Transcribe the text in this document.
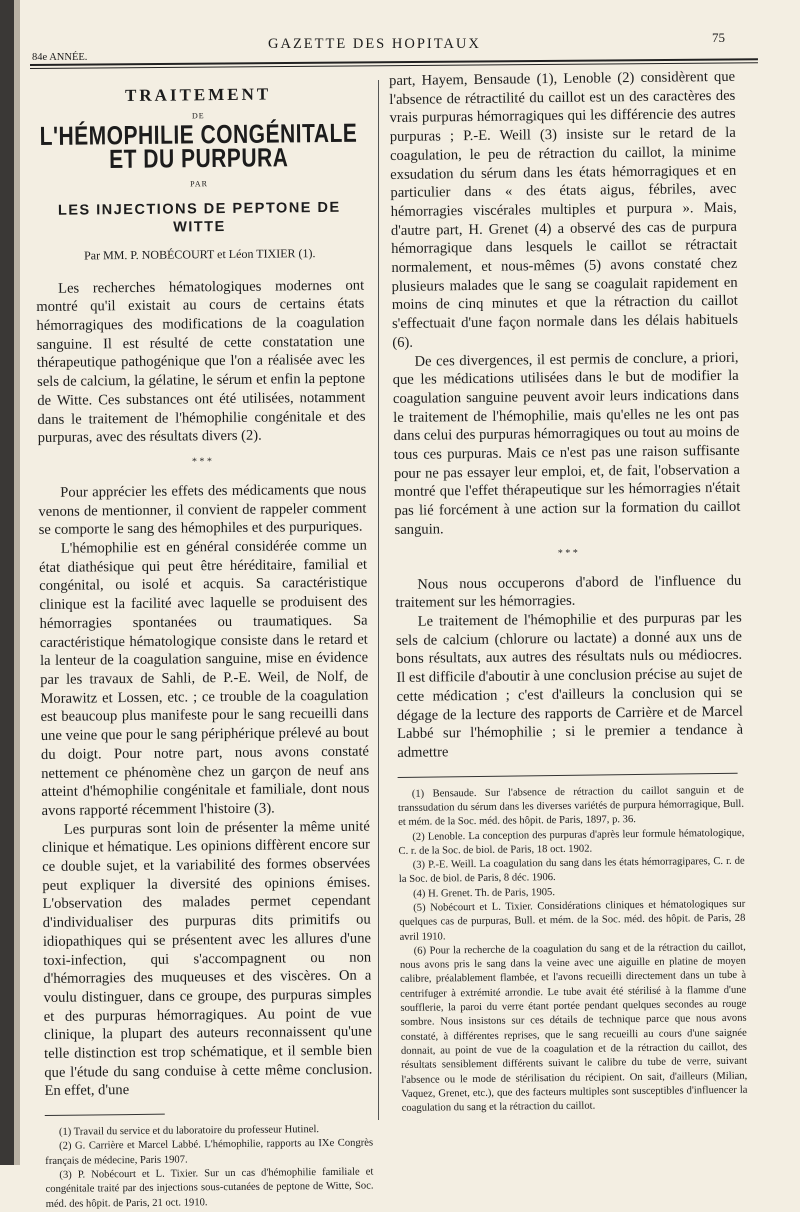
GAZETTE DES HOPITAUX	75
84e ANNÉE.
TRAITEMENT
DE
L'HÉMOPHILIE CONGÉNITALE ET DU PURPURA
PAR
LES INJECTIONS DE PEPTONE DE WITTE
Par MM. P. NOBÉCOURT et Léon TIXIER (1).

Les recherches hématologiques modernes ont montré qu'il existait au cours de certains états hémorragiques des modifications de la coagulation sanguine. Il est résulté de cette constatation une thérapeutique pathogénique que l'on a réalisée avec les sels de calcium, la gélatine, le sérum et enfin la peptone de Witte. Ces substances ont été utilisées, notamment dans le traitement de l'hémophilie congénitale et des purpuras, avec des résultats divers (2).

* * *

Pour apprécier les effets des médicaments que nous venons de mentionner, il convient de rappeler comment se comporte le sang des hémophiles et des purpuriques.

L'hémophilie est en général considérée comme un état diathésique qui peut être héréditaire, familial et congénital, ou isolé et acquis. Sa caractéristique clinique est la facilité avec laquelle se produisent des hémorragies spontanées ou traumatiques. Sa caractéristique hématologique consiste dans le retard et la lenteur de la coagulation sanguine, mise en évidence par les travaux de Sahli, de P.-E. Weil, de Nolf, de Morawitz et Lossen, etc. ; ce trouble de la coagulation est beaucoup plus manifeste pour le sang recueilli dans une veine que pour le sang périphérique prélevé au bout du doigt. Pour notre part, nous avons constaté nettement ce phénomène chez un garçon de neuf ans atteint d'hémophilie congénitale et familiale, dont nous avons rapporté récemment l'histoire (3).

Les purpuras sont loin de présenter la même unité clinique et hématique. Les opinions diffèrent encore sur ce double sujet, et la variabilité des formes observées peut expliquer la diversité des opinions émises. L'observation des malades permet cependant d'individualiser des purpuras dits primitifs ou idiopathiques qui se présentent avec les allures d'une toxi-infection, qui s'accompagnent ou non d'hémorragies des muqueuses et des viscères. On a voulu distinguer, dans ce groupe, des purpuras simples et des purpuras hémorragiques. Au point de vue clinique, la plupart des auteurs reconnaissent qu'une telle distinction est trop schématique, et il semble bien que l'étude du sang conduise à cette même conclusion. En effet, d'une

(1) Travail du service et du laboratoire du professeur Hutinel.

(2) G. Carrière et Marcel Labbé. L'hémophilie, rapports au IXe Congrès français de médecine, Paris 1907.

(3) P. Nobécourt et L. Tixier. Sur un cas d'hémophilie familiale et congénitale traité par des injections sous-cutanées de peptone de Witte, Soc. méd. des hôpit. de Paris, 21 oct. 1910.

part, Hayem, Bensaude (1), Lenoble (2) considèrent que l'absence de rétractilité du caillot est un des caractères des vrais purpuras hémorragiques qui les différencie des autres purpuras ; P.-E. Weill (3) insiste sur le retard de la coagulation, le peu de rétraction du caillot, la minime exsudation du sérum dans les états hémorragiques et en particulier dans « des états aigus, fébriles, avec hémorragies viscérales multiples et purpura ». Mais, d'autre part, H. Grenet (4) a observé des cas de purpura hémorragique dans lesquels le caillot se rétractait normalement, et nous-mêmes (5) avons constaté chez plusieurs malades que le sang se coagulait rapidement en moins de cinq minutes et que la rétraction du caillot s'effectuait d'une façon normale dans les délais habituels (6).

De ces divergences, il est permis de conclure, a priori, que les médications utilisées dans le but de modifier la coagulation sanguine peuvent avoir leurs indications dans le traitement de l'hémophilie, mais qu'elles ne les ont pas dans celui des purpuras hémorragiques ou tout au moins de tous ces purpuras. Mais ce n'est pas une raison suffisante pour ne pas essayer leur emploi, et, de fait, l'observation a montré que l'effet thérapeutique sur les hémorragies n'était pas lié forcément à une action sur la formation du caillot sanguin.

* * *

Nous nous occuperons d'abord de l'influence du traitement sur les hémorragies.

Le traitement de l'hémophilie et des purpuras par les sels de calcium (chlorure ou lactate) a donné aux uns de bons résultats, aux autres des résultats nuls ou médiocres. Il est difficile d'aboutir à une conclusion précise au sujet de cette médication ; c'est d'ailleurs la conclusion qui se dégage de la lecture des rapports de Carrière et de Marcel Labbé sur l'hémophilie ; si le premier a tendance à admettre

(1) Bensaude. Sur l'absence de rétraction du caillot sanguin et de transsudation du sérum dans les diverses variétés de purpura hémorragique, Bull. et mém. de la Soc. méd. des hôpit. de Paris, 1897, p. 36.

(2) Lenoble. La conception des purpuras d'après leur formule hématologique, C. r. de la Soc. de biol. de Paris, 18 oct. 1902.

(3) P.-E. Weill. La coagulation du sang dans les états hémorragipares, C. r. de la Soc. de biol. de Paris, 8 déc. 1906.

(4) H. Grenet. Th. de Paris, 1905.

(5) Nobécourt et L. Tixier. Considérations cliniques et hématologiques sur quelques cas de purpuras, Bull. et mém. de la Soc. méd. des hôpit. de Paris, 28 avril 1910.

(6) Pour la recherche de la coagulation du sang et de la rétraction du caillot, nous avons pris le sang dans la veine avec une aiguille en platine de moyen calibre, préalablement flambée, et l'avons recueilli directement dans un tube à centrifuger à extrémité arrondie. Le tube avait été stérilisé à la flamme d'une soufflerie, la paroi du verre étant portée pendant quelques secondes au rouge sombre. Nous insistons sur ces détails de technique parce que nous avons constaté, à différentes reprises, que le sang recueilli au cours d'une saignée donnait, au point de vue de la coagulation et de la rétraction du caillot, des résultats sensiblement différents suivant le calibre du tube de verre, suivant l'absence ou le mode de stérilisation du récipient. On sait, d'ailleurs (Milian, Vaquez, Grenet, etc.), que des facteurs multiples sont susceptibles d'influencer la coagulation du sang et la rétraction du caillot.
